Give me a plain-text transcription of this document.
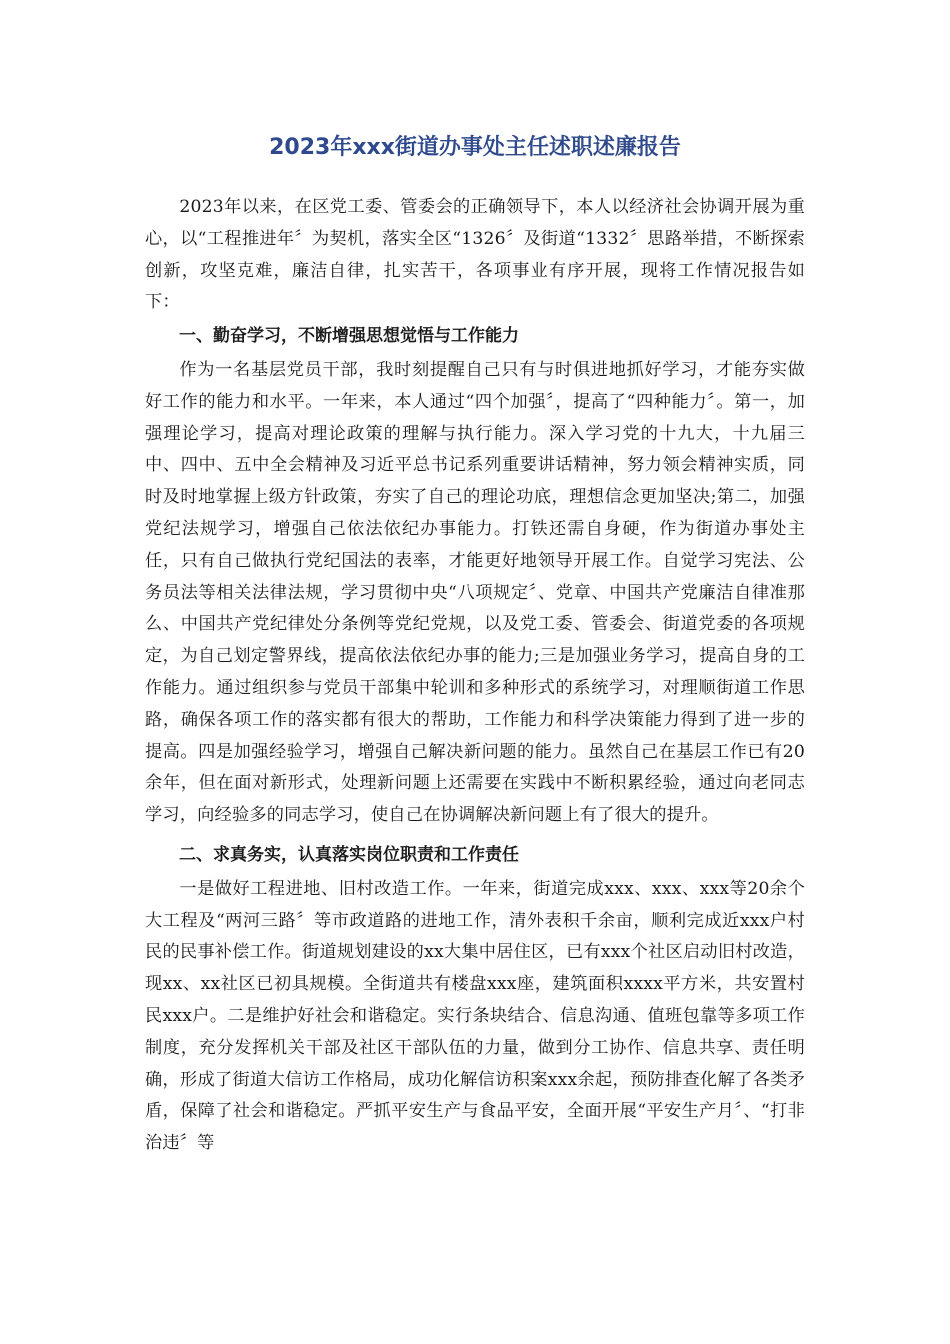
2023年xxx街道办事处主任述职述廉报告

2023年以来，在区党工委、管委会的正确领导下，本人以经济社会协调开展为重心，以“工程推进年〞为契机，落实全区“1326〞及街道“1332〞思路举措，不断探索创新，攻坚克难，廉洁自律，扎实苦干，各项事业有序开展，现将工作情况报告如下：

一、勤奋学习，不断增强思想觉悟与工作能力

作为一名基层党员干部，我时刻提醒自己只有与时俱进地抓好学习，才能夯实做好工作的能力和水平。一年来，本人通过“四个加强〞，提高了“四种能力〞。第一，加强理论学习，提高对理论政策的理解与执行能力。深入学习党的十九大，十九届三中、四中、五中全会精神及习近平总书记系列重要讲话精神，努力领会精神实质，同时及时地掌握上级方针政策，夯实了自己的理论功底，理想信念更加坚决;第二，加强党纪法规学习，增强自己依法依纪办事能力。打铁还需自身硬，作为街道办事处主任，只有自己做执行党纪国法的表率，才能更好地领导开展工作。自觉学习宪法、公务员法等相关法律法规，学习贯彻中央“八项规定〞、党章、中国共产党廉洁自律准那么、中国共产党纪律处分条例等党纪党规，以及党工委、管委会、街道党委的各项规定，为自己划定警界线，提高依法依纪办事的能力;三是加强业务学习，提高自身的工作能力。通过组织参与党员干部集中轮训和多种形式的系统学习，对理顺街道工作思路，确保各项工作的落实都有很大的帮助，工作能力和科学决策能力得到了进一步的提高。四是加强经验学习，增强自己解决新问题的能力。虽然自己在基层工作已有20余年，但在面对新形式，处理新问题上还需要在实践中不断积累经验，通过向老同志学习，向经验多的同志学习，使自己在协调解决新问题上有了很大的提升。

二、求真务实，认真落实岗位职责和工作责任

一是做好工程进地、旧村改造工作。一年来，街道完成xxx、xxx、xxx等20余个大工程及“两河三路〞等市政道路的进地工作，清外表积千余亩，顺利完成近xxx户村民的民事补偿工作。街道规划建设的xx大集中居住区，已有xxx个社区启动旧村改造，现xx、xx社区已初具规模。全街道共有楼盘xxx座，建筑面积xxxx平方米，共安置村民xxx户。二是维护好社会和谐稳定。实行条块结合、信息沟通、值班包靠等多项工作制度，充分发挥机关干部及社区干部队伍的力量，做到分工协作、信息共享、责任明确，形成了街道大信访工作格局，成功化解信访积案xxx余起，预防排查化解了各类矛盾，保障了社会和谐稳定。严抓平安生产与食品平安，全面开展“平安生产月〞、“打非治违〞等
